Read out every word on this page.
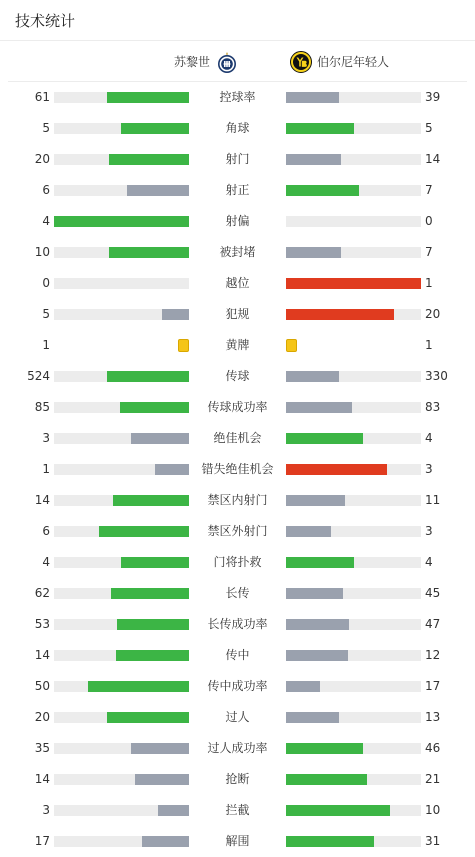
技术统计
苏黎世	伯尔尼年轻人
61	控球率	39
5	角球	5
20	射门	14
6	射正	7
4	射偏	0
10	被封堵	7
0	越位	1
5	犯规	20
1	黄牌	1
524	传球	330
85	传球成功率	83
3	绝佳机会	4
1	错失绝佳机会	3
14	禁区内射门	11
6	禁区外射门	3
4	门将扑救	4
62	长传	45
53	长传成功率	47
14	传中	12
50	传中成功率	17
20	过人	13
35	过人成功率	46
14	抢断	21
3	拦截	10
17	解围	31
